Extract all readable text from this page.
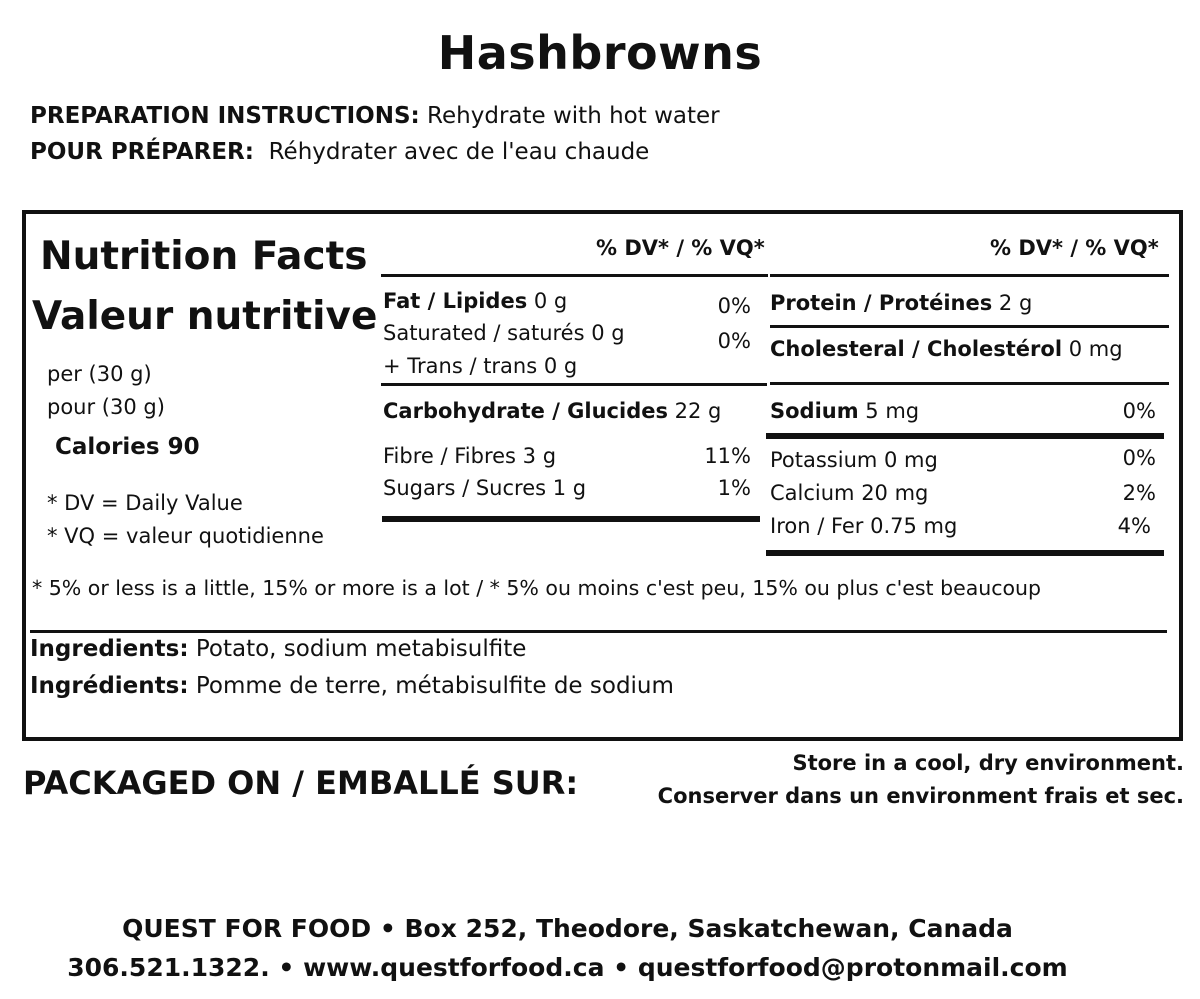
Hashbrowns
PREPARATION INSTRUCTIONS: Rehydrate with hot water
POUR PRÉPARER:  Réhydrater avec de l'eau chaude
Nutrition Facts
Valeur nutritive
per (30 g)
pour (30 g)
Calories 90
* DV = Daily Value
* VQ = valeur quotidienne
% DV* / % VQ*
Fat / Lipides 0 g	0%
Saturated / saturés 0 g	0%
+ Trans / trans 0 g
Carbohydrate / Glucides 22 g
Fibre / Fibres 3 g	11%
Sugars / Sucres 1 g	1%
% DV* / % VQ*
Protein / Protéines 2 g
Cholesteral / Cholestérol 0 mg
Sodium 5 mg	0%
Potassium 0 mg	0%
Calcium 20 mg	2%
Iron / Fer 0.75 mg	4%
* 5% or less is a little, 15% or more is a lot / * 5% ou moins c'est peu, 15% ou plus c'est beaucoup
Ingredients: Potato, sodium metabisulfite
Ingrédients: Pomme de terre, métabisulfite de sodium
PACKAGED ON / EMBALLÉ SUR:
Store in a cool, dry environment.
Conserver dans un environment frais et sec.
QUEST FOR FOOD • Box 252, Theodore, Saskatchewan, Canada
306.521.1322. • www.questforfood.ca • questforfood@protonmail.com
